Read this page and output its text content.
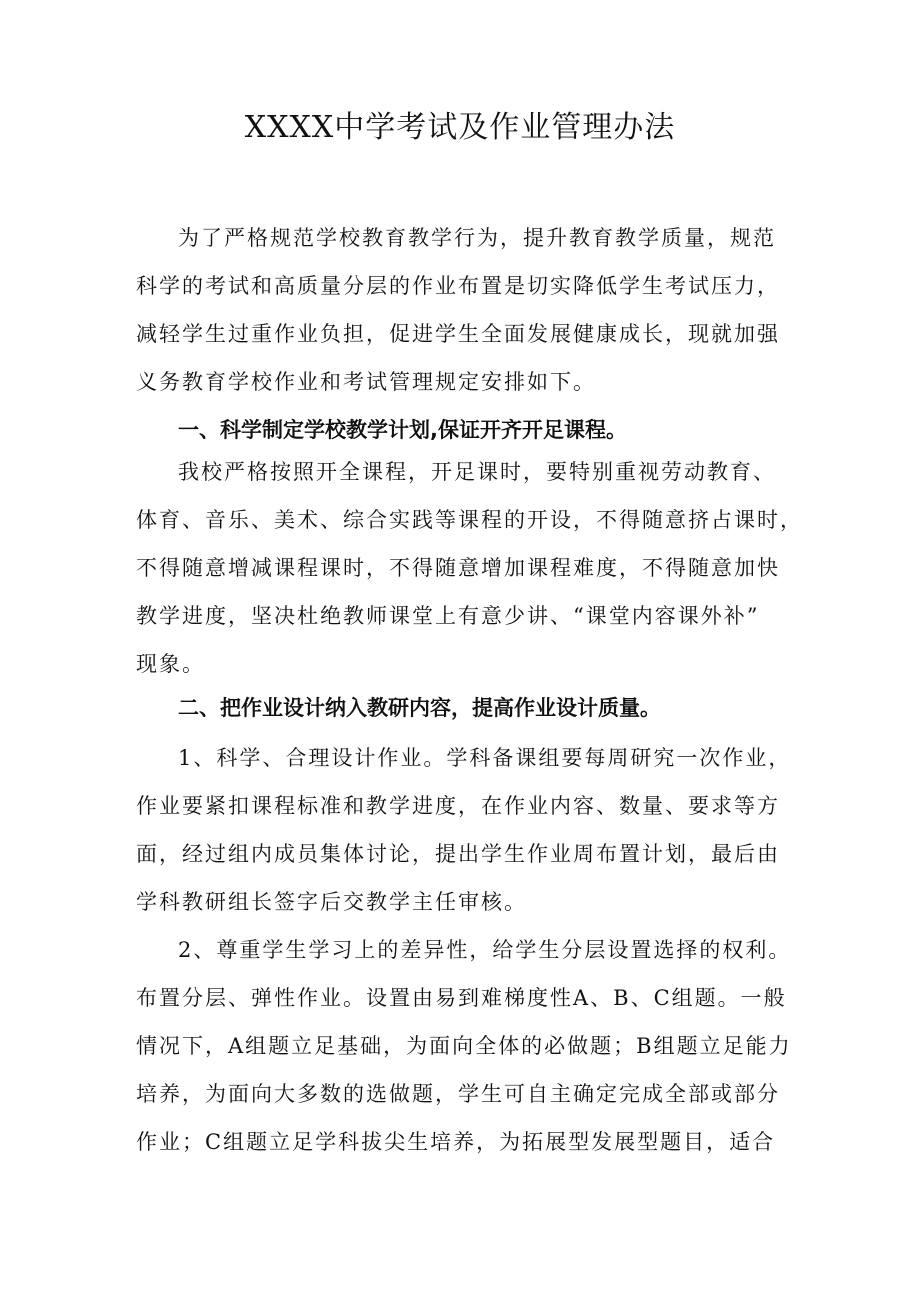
XXXX中学考试及作业管理办法
为了严格规范学校教育教学行为，提升教育教学质量，规范
科学的考试和高质量分层的作业布置是切实降低学生考试压力，
减轻学生过重作业负担，促进学生全面发展健康成长，现就加强
义务教育学校作业和考试管理规定安排如下。
一、科学制定学校教学计划,保证开齐开足课程。
我校严格按照开全课程，开足课时，要特别重视劳动教育、
体育、音乐、美术、综合实践等课程的开设，不得随意挤占课时，
不得随意增减课程课时，不得随意增加课程难度，不得随意加快
教学进度，坚决杜绝教师课堂上有意少讲、“课堂内容课外补”
现象。
二、把作业设计纳入教研内容，提高作业设计质量。
1、科学、合理设计作业。学科备课组要每周研究一次作业，
作业要紧扣课程标准和教学进度，在作业内容、数量、要求等方
面，经过组内成员集体讨论，提出学生作业周布置计划，最后由
学科教研组长签字后交教学主任审核。
2、尊重学生学习上的差异性，给学生分层设置选择的权利。
布置分层、弹性作业。设置由易到难梯度性A、B、C组题。一般
情况下，A组题立足基础，为面向全体的必做题；B组题立足能力
培养，为面向大多数的选做题，学生可自主确定完成全部或部分
作业；C组题立足学科拔尖生培养，为拓展型发展型题目，适合
